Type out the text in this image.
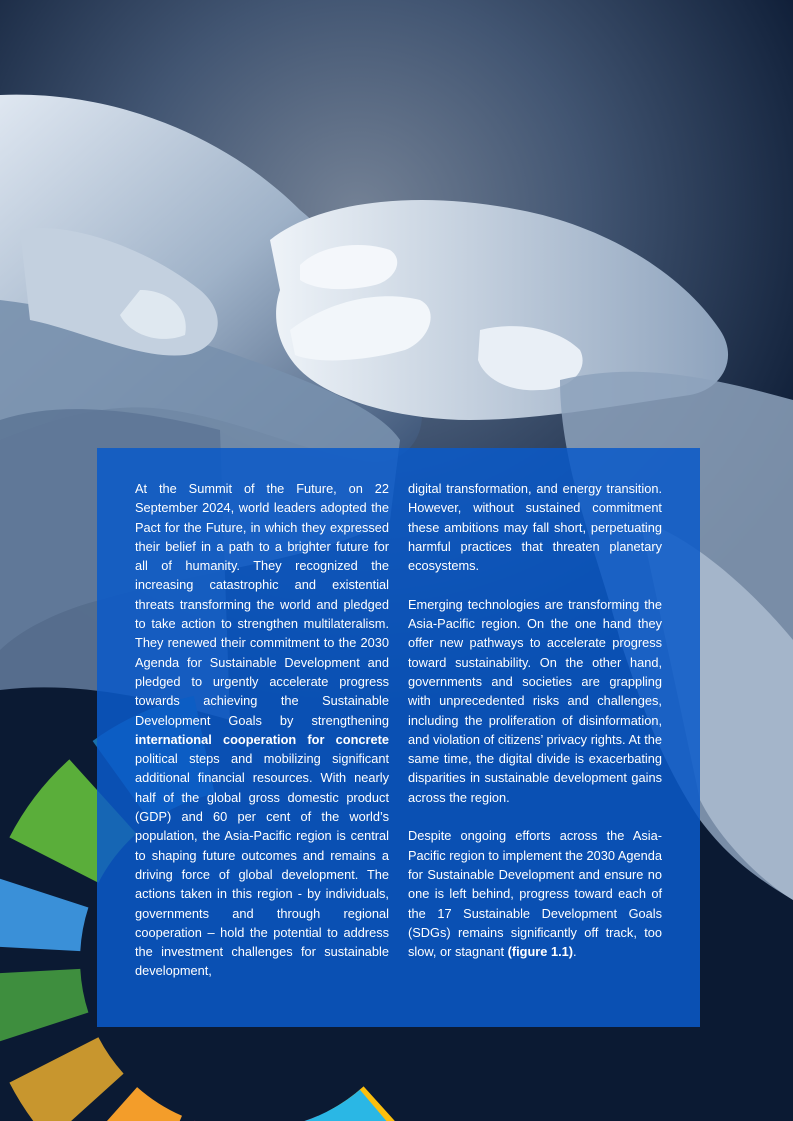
At the Summit of the Future, on 22 September 2024, world leaders adopted the Pact for the Future, in which they expressed their belief in a path to a brighter future for all of humanity. They recognized the increasing catastrophic and existential threats transforming the world and pledged to take action to strengthen multilateralism. They renewed their commitment to the 2030 Agenda for Sustainable Development and pledged to urgently accelerate progress towards achieving the Sustainable Development Goals by strengthening international cooperation for concrete political steps and mobilizing significant additional financial resources. With nearly half of the global gross domestic product (GDP) and 60 per cent of the world’s population, the Asia-Pacific region is central to shaping future outcomes and remains a driving force of global development. The actions taken in this region - by individuals, governments and through regional cooperation – hold the potential to address the investment challenges for sustainable development,

digital transformation, and energy transition. However, without sustained commitment these ambitions may fall short, perpetuating harmful practices that threaten planetary ecosystems.

Emerging technologies are transforming the Asia-Pacific region. On the one hand they offer new pathways to accelerate progress toward sustainability. On the other hand, governments and societies are grappling with unprecedented risks and challenges, including the proliferation of disinformation, and violation of citizens’ privacy rights. At the same time, the digital divide is exacerbating disparities in sustainable development gains across the region.

Despite ongoing efforts across the Asia-Pacific region to implement the 2030 Agenda for Sustainable Development and ensure no one is left behind, progress toward each of the 17 Sustainable Development Goals (SDGs) remains significantly off track, too slow, or stagnant (figure 1.1).
